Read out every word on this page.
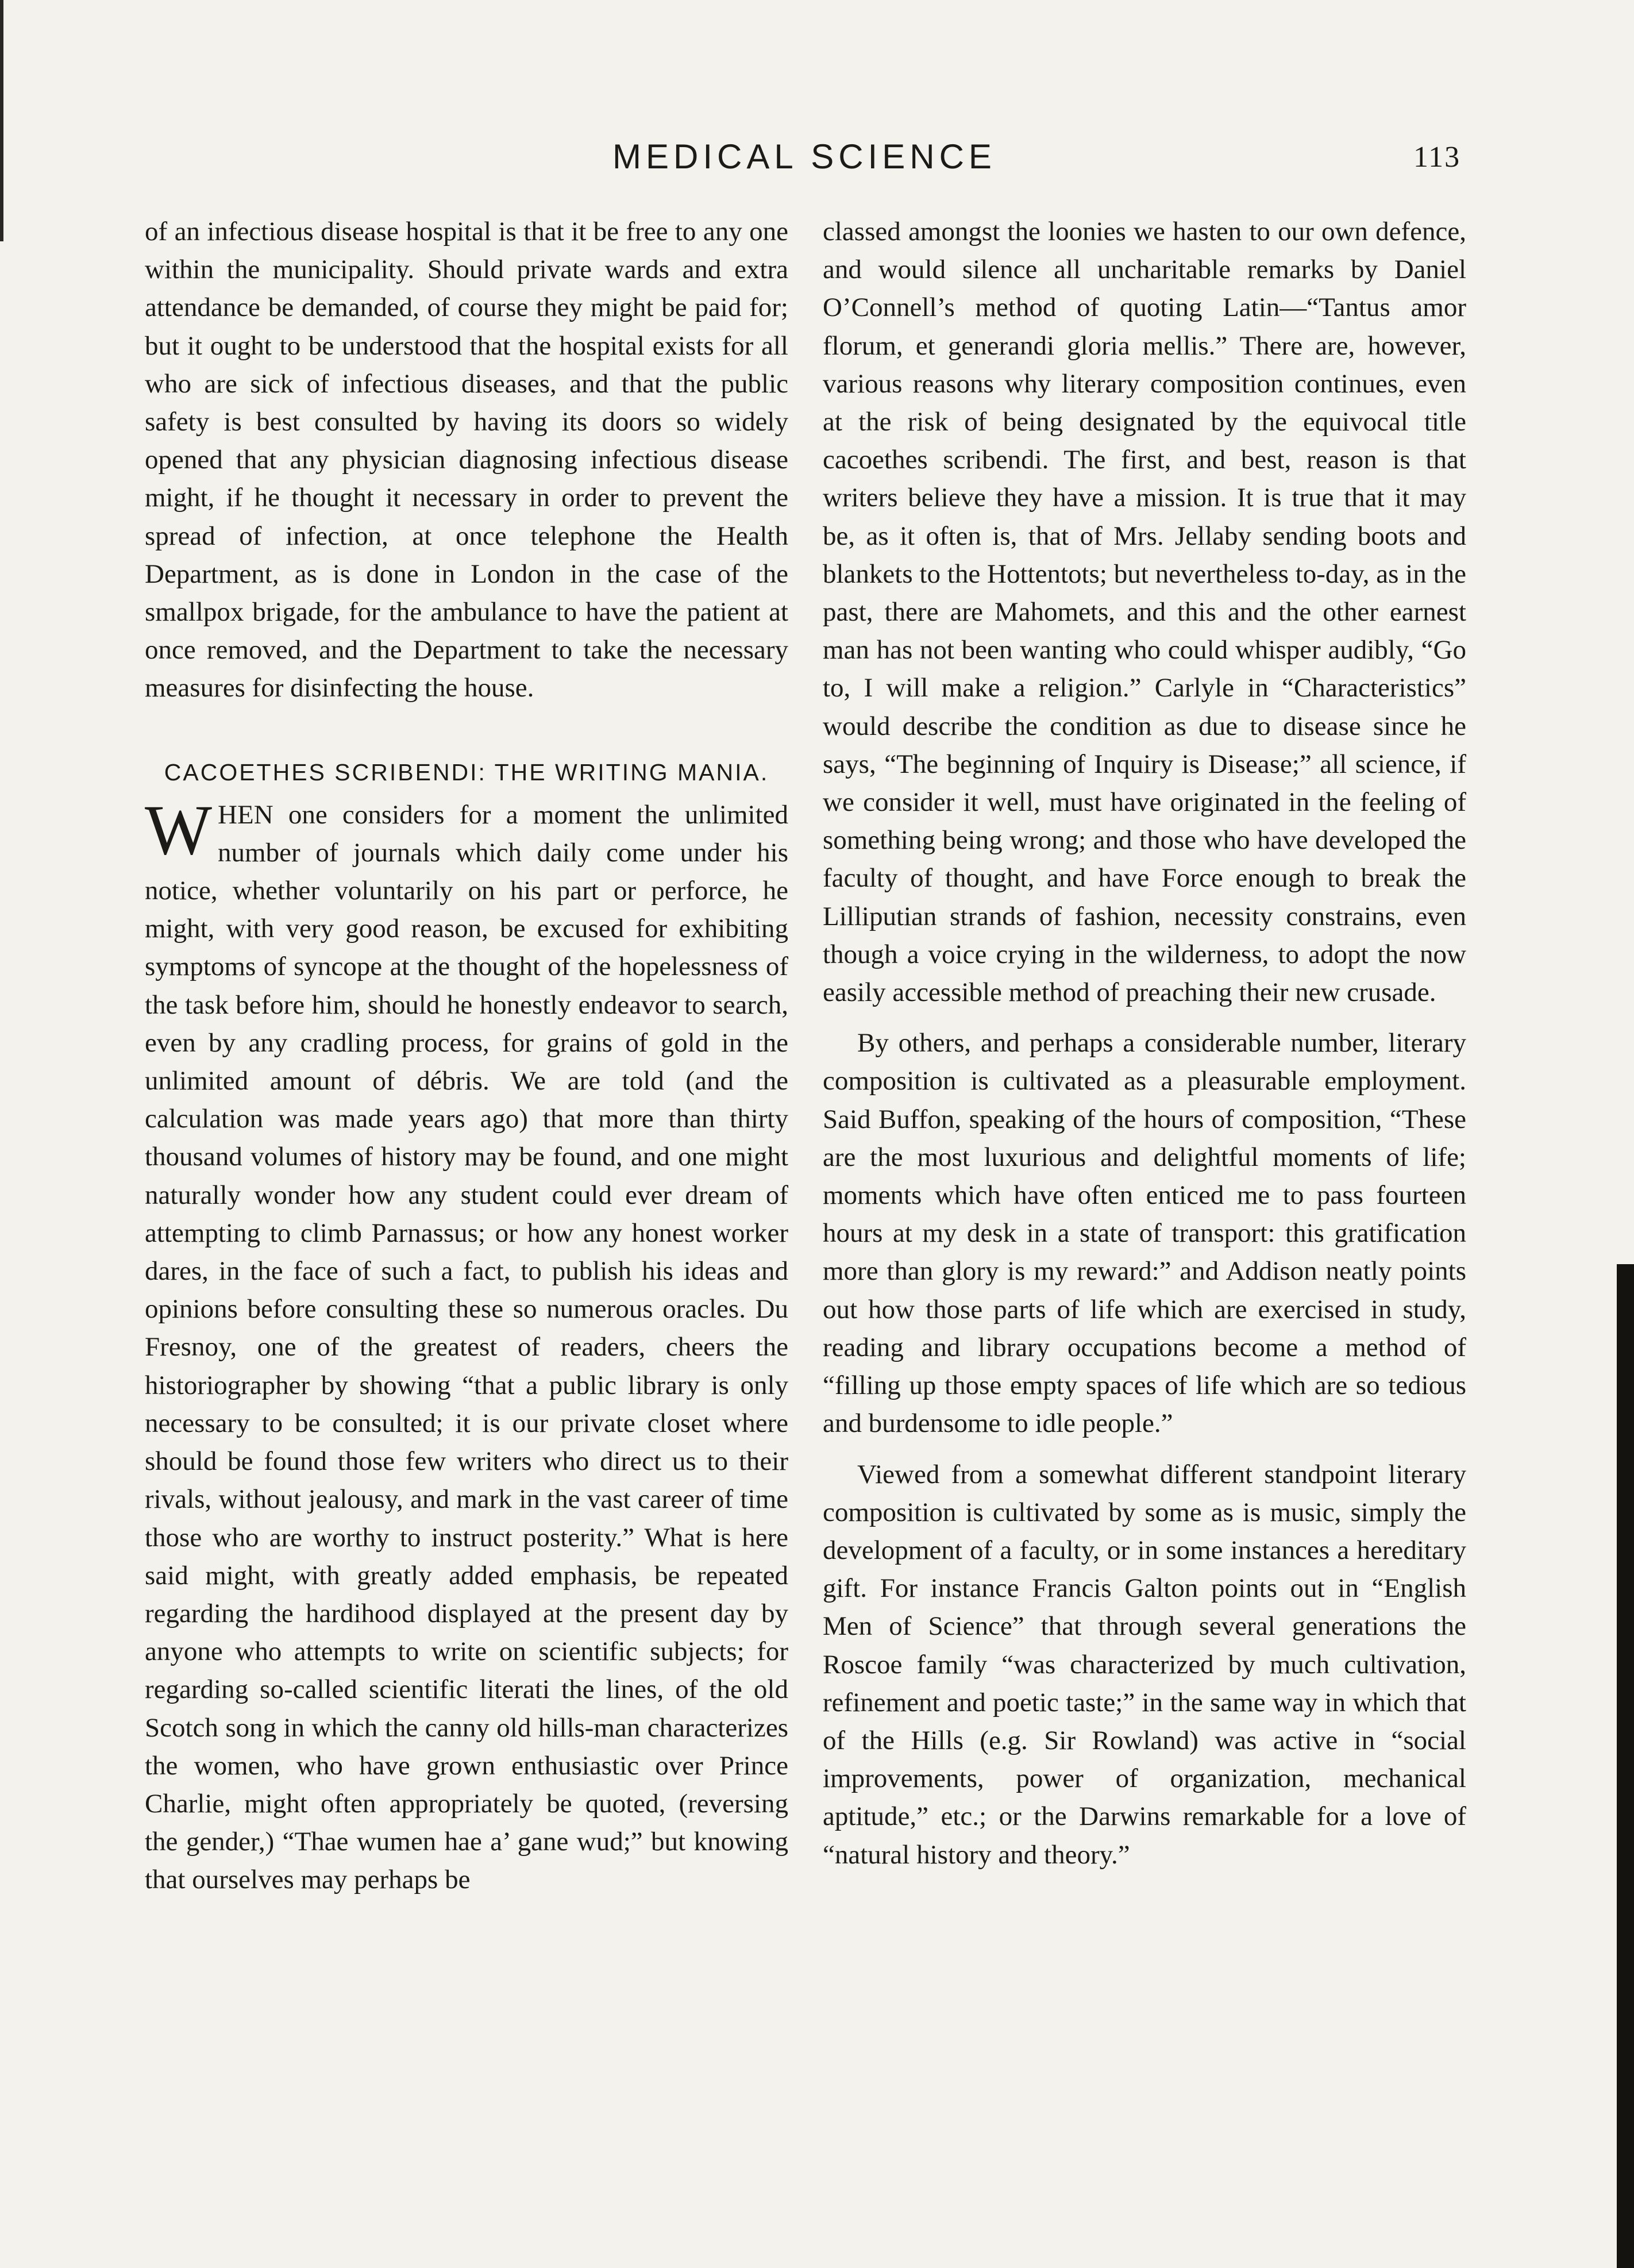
MEDICAL SCIENCE	113

of an infectious disease hospital is that it be free to any one within the municipality. Should private wards and extra attendance be demanded, of course they might be paid for; but it ought to be understood that the hospital exists for all who are sick of infectious diseases, and that the public safety is best consulted by having its doors so widely opened that any physician diagnosing infectious disease might, if he thought it necessary in order to prevent the spread of infection, at once telephone the Health Department, as is done in London in the case of the smallpox brigade, for the ambulance to have the patient at once removed, and the Department to take the necessary measures for disinfecting the house.

CACOETHES SCRIBENDI: THE WRITING MANIA.

WHEN one considers for a moment the unlimited number of journals which daily come under his notice, whether voluntarily on his part or perforce, he might, with very good reason, be excused for exhibiting symptoms of syncope at the thought of the hopelessness of the task before him, should he honestly endeavor to search, even by any cradling process, for grains of gold in the unlimited amount of débris. We are told (and the calculation was made years ago) that more than thirty thousand volumes of history may be found, and one might naturally wonder how any student could ever dream of attempting to climb Parnassus; or how any honest worker dares, in the face of such a fact, to publish his ideas and opinions before consulting these so numerous oracles. Du Fresnoy, one of the greatest of readers, cheers the historiographer by showing “that a public library is only necessary to be consulted; it is our private closet where should be found those few writers who direct us to their rivals, without jealousy, and mark in the vast career of time those who are worthy to instruct posterity.” What is here said might, with greatly added emphasis, be repeated regarding the hardihood displayed at the present day by anyone who attempts to write on scientific subjects; for regarding so-called scientific literati the lines, of the old Scotch song in which the canny old hills-man characterizes the women, who have grown enthusiastic over Prince Charlie, might often appropriately be quoted, (reversing the gender,) “Thae wumen hae a’ gane wud;” but knowing that ourselves may perhaps be

classed amongst the loonies we hasten to our own defence, and would silence all uncharitable remarks by Daniel O’Connell’s method of quoting Latin—“Tantus amor florum, et generandi gloria mellis.” There are, however, various reasons why literary composition continues, even at the risk of being designated by the equivocal title cacoethes scribendi. The first, and best, reason is that writers believe they have a mission. It is true that it may be, as it often is, that of Mrs. Jellaby sending boots and blankets to the Hottentots; but nevertheless to-day, as in the past, there are Mahomets, and this and the other earnest man has not been wanting who could whisper audibly, “Go to, I will make a religion.” Carlyle in “Characteristics” would describe the condition as due to disease since he says, “The beginning of Inquiry is Disease;” all science, if we consider it well, must have originated in the feeling of something being wrong; and those who have developed the faculty of thought, and have Force enough to break the Lilliputian strands of fashion, necessity constrains, even though a voice crying in the wilderness, to adopt the now easily accessible method of preaching their new crusade.

By others, and perhaps a considerable number, literary composition is cultivated as a pleasurable employment. Said Buffon, speaking of the hours of composition, “These are the most luxurious and delightful moments of life; moments which have often enticed me to pass fourteen hours at my desk in a state of transport: this gratification more than glory is my reward:” and Addison neatly points out how those parts of life which are exercised in study, reading and library occupations become a method of “filling up those empty spaces of life which are so tedious and burdensome to idle people.”

Viewed from a somewhat different standpoint literary composition is cultivated by some as is music, simply the development of a faculty, or in some instances a hereditary gift. For instance Francis Galton points out in “English Men of Science” that through several generations the Roscoe family “was characterized by much cultivation, refinement and poetic taste;” in the same way in which that of the Hills (e.g. Sir Rowland) was active in “social improvements, power of organization, mechanical aptitude,” etc.; or the Darwins remarkable for a love of “natural history and theory.”
